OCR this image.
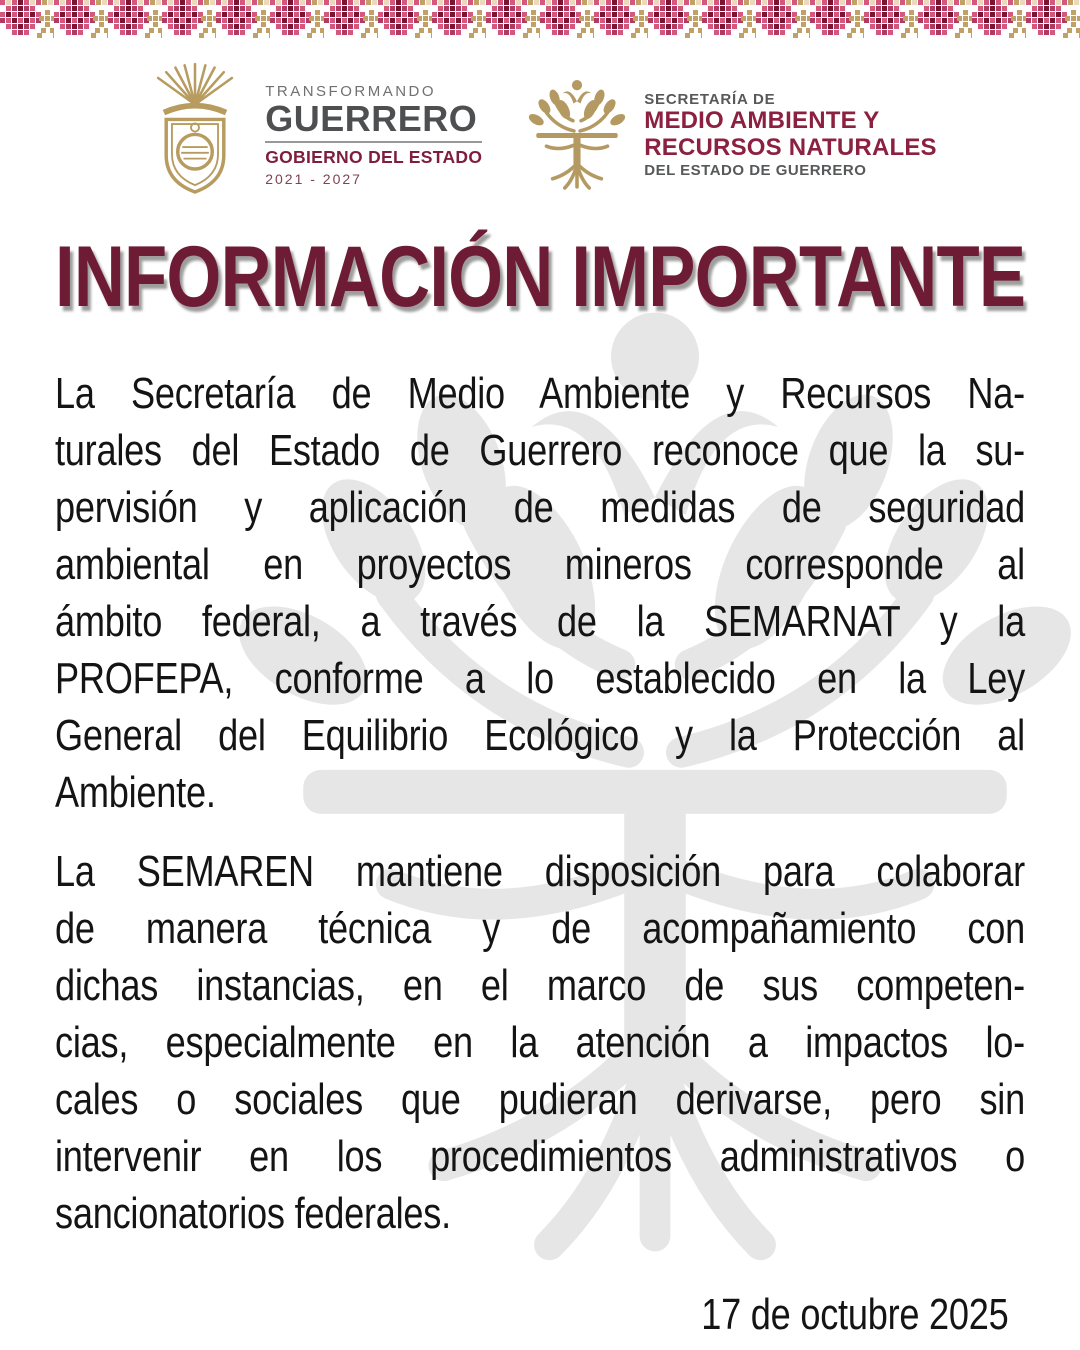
TRANSFORMANDO
GUERRERO
GOBIERNO DEL ESTADO
2021 - 2027
SECRETARÍA DE
MEDIO AMBIENTE Y
RECURSOS NATURALES
DEL ESTADO DE GUERRERO
INFORMACIÓN IMPORTANTE
La Secretaría de Medio Ambiente y Recursos Na-
turales del Estado de Guerrero reconoce que la su-
pervisión y aplicación de medidas de seguridad
ambiental en proyectos mineros corresponde al
ámbito federal, a través de la SEMARNAT y la
PROFEPA, conforme a lo establecido en la Ley
General del Equilibrio Ecológico y la Protección al
Ambiente.
La SEMAREN mantiene disposición para colaborar
de manera técnica y de acompañamiento con
dichas instancias, en el marco de sus competen-
cias, especialmente en la atención a impactos lo-
cales o sociales que pudieran derivarse, pero sin
intervenir en los procedimientos administrativos o
sancionatorios federales.
17 de octubre 2025
